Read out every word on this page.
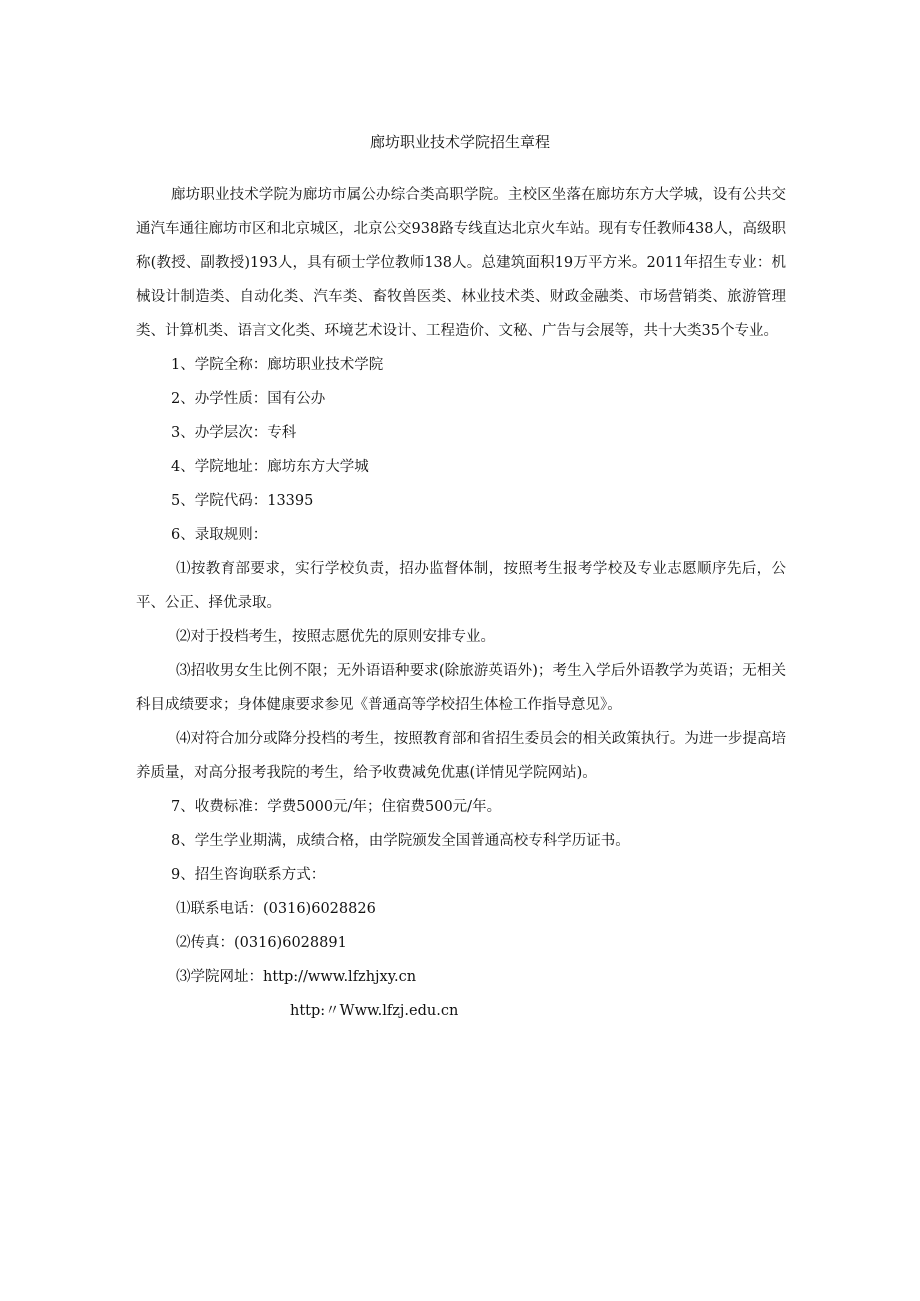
廊坊职业技术学院招生章程

廊坊职业技术学院为廊坊市属公办综合类高职学院。主校区坐落在廊坊东方大学城，设有公共交通汽车通往廊坊市区和北京城区，北京公交938路专线直达北京火车站。现有专任教师438人，高级职称(教授、副教授)193人，具有硕士学位教师138人。总建筑面积19万平方米。2011年招生专业：机械设计制造类、自动化类、汽车类、畜牧兽医类、林业技术类、财政金融类、市场营销类、旅游管理类、计算机类、语言文化类、环境艺术设计、工程造价、文秘、广告与会展等，共十大类35个专业。

1、学院全称：廊坊职业技术学院

2、办学性质：国有公办

3、办学层次：专科

4、学院地址：廊坊东方大学城

5、学院代码：13395

6、录取规则：

⑴按教育部要求，实行学校负责，招办监督体制，按照考生报考学校及专业志愿顺序先后，公平、公正、择优录取。

⑵对于投档考生，按照志愿优先的原则安排专业。

⑶招收男女生比例不限；无外语语种要求(除旅游英语外)；考生入学后外语教学为英语；无相关科目成绩要求；身体健康要求参见《普通高等学校招生体检工作指导意见》。

⑷对符合加分或降分投档的考生，按照教育部和省招生委员会的相关政策执行。为进一步提高培养质量，对高分报考我院的考生，给予收费减免优惠(详情见学院网站)。

7、收费标准：学费5000元/年；住宿费500元/年。

8、学生学业期满，成绩合格，由学院颁发全国普通高校专科学历证书。

9、招生咨询联系方式：

⑴联系电话：(0316)6028826

⑵传真：(0316)6028891

⑶学院网址：http://www.lfzhjxy.cn

http:〃Www.lfzj.edu.cn
